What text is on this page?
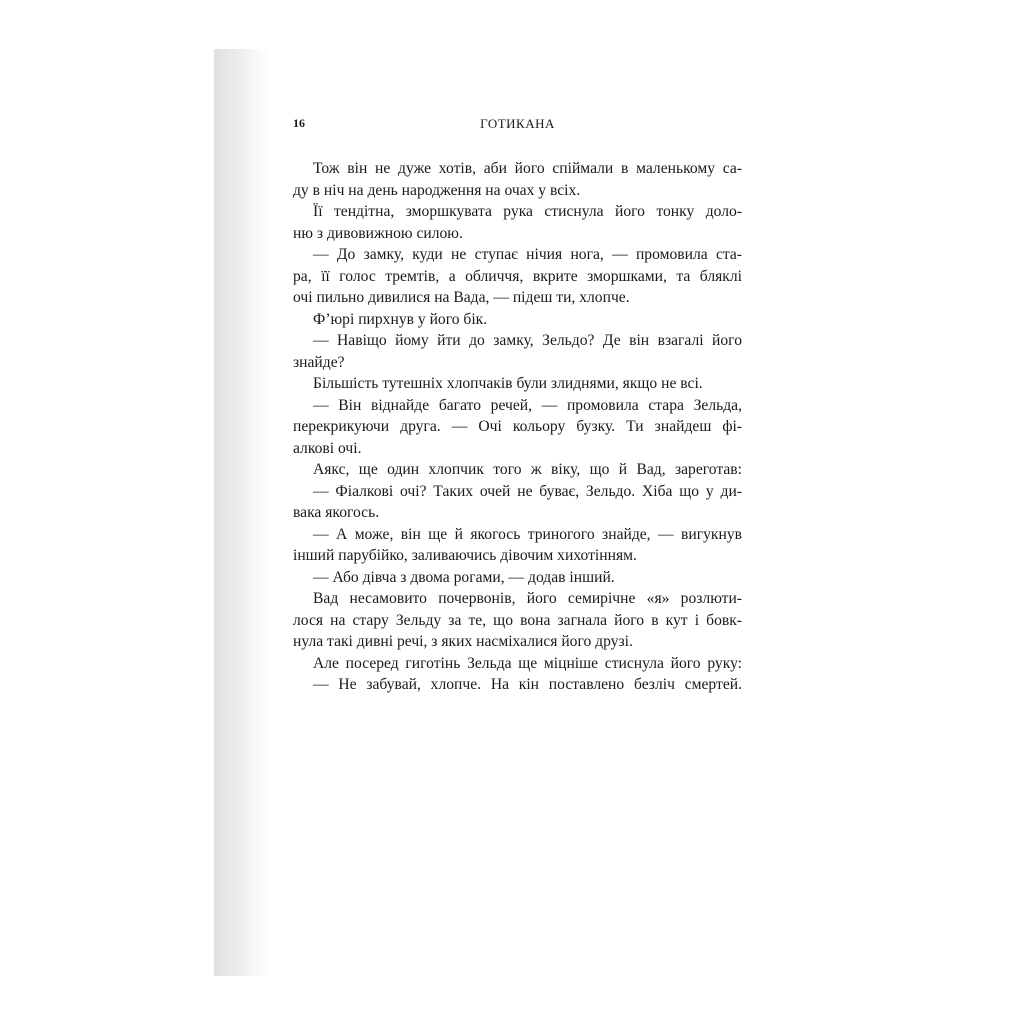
16	ГОТИКАНА
Тож він не дуже хотів, аби його спіймали в маленькому са-
ду в ніч на день народження на очах у всіх.
Її тендітна, зморшкувата рука стиснула його тонку доло-
ню з дивовижною силою.
— До замку, куди не ступає нічия нога, — промовила ста-
ра, її голос тремтів, а обличчя, вкрите зморшками, та бляклі
очі пильно дивилися на Вада, — підеш ти, хлопче.
Ф’юрі пирхнув у його бік.
— Навіщо йому йти до замку, Зельдо? Де він взагалі його
знайде?
Більшість тутешніх хлопчаків були злиднями, якщо не всі.
— Він віднайде багато речей, — промовила стара Зельда,
перекрикуючи друга. — Очі кольору бузку. Ти знайдеш фі-
алкові очі.
Аякс, ще один хлопчик того ж віку, що й Вад, зареготав:
— Фіалкові очі? Таких очей не буває, Зельдо. Хіба що у ди-
вака якогось.
— А може, він ще й якогось триногого знайде, — вигукнув
інший парубійко, заливаючись дівочим хихотінням.
— Або дівча з двома рогами, — додав інший.
Вад несамовито почервонів, його семирічне «я» розлюти-
лося на стару Зельду за те, що вона загнала його в кут і бовк-
нула такі дивні речі, з яких насміхалися його друзі.
Але посеред гиготінь Зельда ще міцніше стиснула його руку:
— Не забувай, хлопче. На кін поставлено безліч смертей.
